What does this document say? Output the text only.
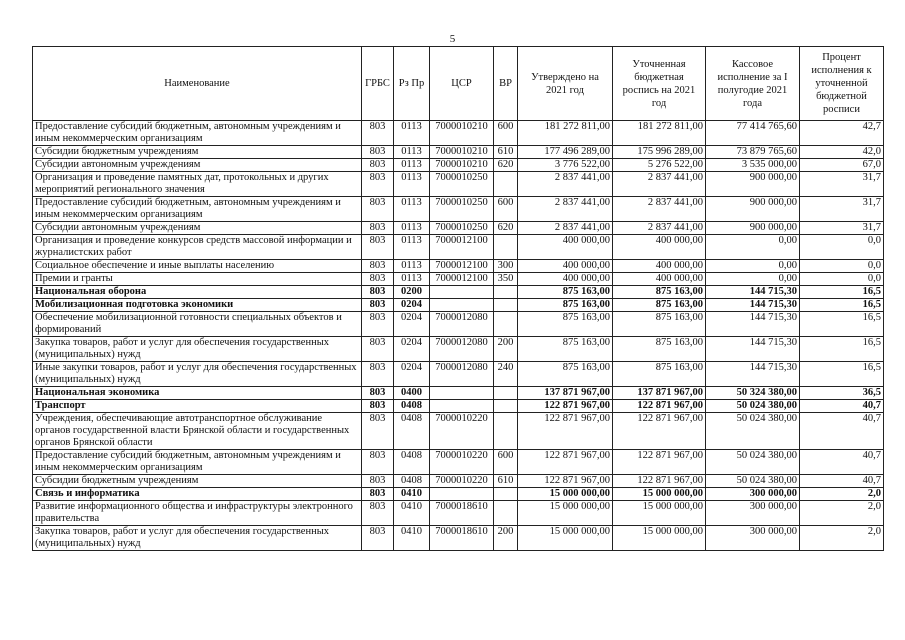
5
Наименование	ГРБС	Рз Пр	ЦСР	ВР	Утверждено на 2021 год	Уточненная бюджетная роспись на 2021 год	Кассовое исполнение за I полугодие 2021 года	Процент исполнения к уточненной бюджетной росписи
Предоставление субсидий бюджетным, автономным учреждениям и иным некоммерческим организациям	803	0113	7000010210	600	181 272 811,00	181 272 811,00	77 414 765,60	42,7
Субсидии бюджетным учреждениям	803	0113	7000010210	610	177 496 289,00	175 996 289,00	73 879 765,60	42,0
Субсидии автономным учреждениям	803	0113	7000010210	620	3 776 522,00	5 276 522,00	3 535 000,00	67,0
Организация и проведение памятных дат, протокольных и других мероприятий регионального значения	803	0113	7000010250		2 837 441,00	2 837 441,00	900 000,00	31,7
Предоставление субсидий бюджетным, автономным учреждениям и иным некоммерческим организациям	803	0113	7000010250	600	2 837 441,00	2 837 441,00	900 000,00	31,7
Субсидии автономным учреждениям	803	0113	7000010250	620	2 837 441,00	2 837 441,00	900 000,00	31,7
Организация и проведение конкурсов средств массовой информации и журналистских работ	803	0113	7000012100		400 000,00	400 000,00	0,00	0,0
Социальное обеспечение и иные выплаты населению	803	0113	7000012100	300	400 000,00	400 000,00	0,00	0,0
Премии и гранты	803	0113	7000012100	350	400 000,00	400 000,00	0,00	0,0
Национальная оборона	803	0200			875 163,00	875 163,00	144 715,30	16,5
Мобилизационная подготовка экономики	803	0204			875 163,00	875 163,00	144 715,30	16,5
Обеспечение мобилизационной готовности специальных объектов и формирований	803	0204	7000012080		875 163,00	875 163,00	144 715,30	16,5
Закупка товаров, работ и услуг для обеспечения государственных (муниципальных) нужд	803	0204	7000012080	200	875 163,00	875 163,00	144 715,30	16,5
Иные закупки товаров, работ и услуг для обеспечения государственных (муниципальных) нужд	803	0204	7000012080	240	875 163,00	875 163,00	144 715,30	16,5
Национальная экономика	803	0400			137 871 967,00	137 871 967,00	50 324 380,00	36,5
Транспорт	803	0408			122 871 967,00	122 871 967,00	50 024 380,00	40,7
Учреждения, обеспечивающие автотранспортное обслуживание органов государственной власти Брянской области и государственных органов Брянской области	803	0408	7000010220		122 871 967,00	122 871 967,00	50 024 380,00	40,7
Предоставление субсидий бюджетным, автономным учреждениям и иным некоммерческим организациям	803	0408	7000010220	600	122 871 967,00	122 871 967,00	50 024 380,00	40,7
Субсидии бюджетным учреждениям	803	0408	7000010220	610	122 871 967,00	122 871 967,00	50 024 380,00	40,7
Связь и информатика	803	0410			15 000 000,00	15 000 000,00	300 000,00	2,0
Развитие информационного общества и инфраструктуры электронного правительства	803	0410	7000018610		15 000 000,00	15 000 000,00	300 000,00	2,0
Закупка товаров, работ и услуг для обеспечения государственных (муниципальных) нужд	803	0410	7000018610	200	15 000 000,00	15 000 000,00	300 000,00	2,0
